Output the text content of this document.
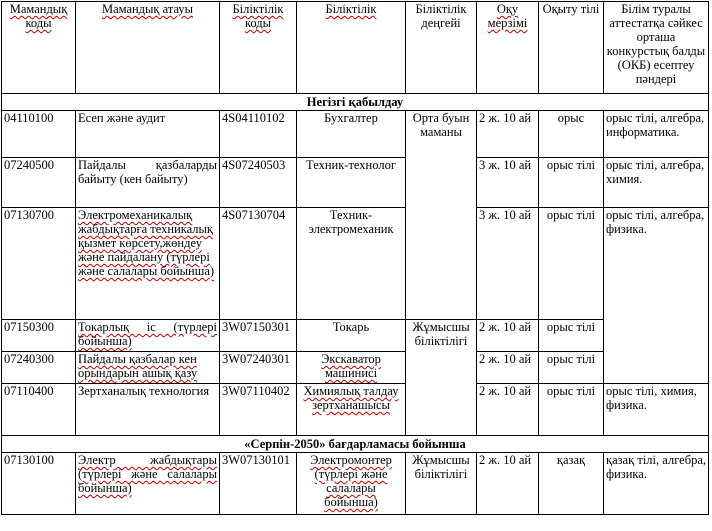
Мамандық коды	Мамандық атауы	Біліктілік коды	Біліктілік	Біліктілік деңгейі	Оқу мерзімі	Оқыту тілі	Білім туралы аттестатқа сәйкес орташа конкурстық балды (ОКБ) есептеу пәндері
Негізгі қабылдау							
04110100	Есеп және аудит	4S04110102	Бухгалтер	Орта буын маманы	2 ж. 10 ай	орыс	орыс тілі, алгебра, информатика.
07240500	Пайдалы қазбаларды байыту (кен байыту)	4S07240503	Техник-технолог		3 ж. 10 ай	орыс тілі	орыс тілі, алгебра, химия.
07130700	Электромеханикалық жабдықтарға техникалық қызмет көрсету,жөндеу және пайдалану (түрлері және салалары бойынша)	4S07130704	Техник-электромеханик		3 ж. 10 ай	орыс тілі	орыс тілі, алгебра, физика.
07150300	Токарлық іс (түрлері бойынша)	3W07150301	Токарь	Жұмысшы біліктілігі	2 ж. 10 ай	орыс тілі	
07240300	Пайдалы қазбалар кен орындарын ашық қазу	3W07240301	Экскаватор машинисі		2 ж. 10 ай	орыс тілі	
07110400	Зертханалық технология	3W07110402	Химиялық талдау зертханашысы		2 ж. 10 ай	орыс тілі	орыс тілі, химия, физика.
«Серпін-2050» бағдарламасы бойынша							
07130100	Электр жабдықтары (түрлері және салалары бойынша)	3W07130101	Электромонтер (түрлері және салалары бойынша)	Жұмысшы біліктілігі	2 ж. 10 ай	қазақ	қазақ тілі, алгебра, физика.
